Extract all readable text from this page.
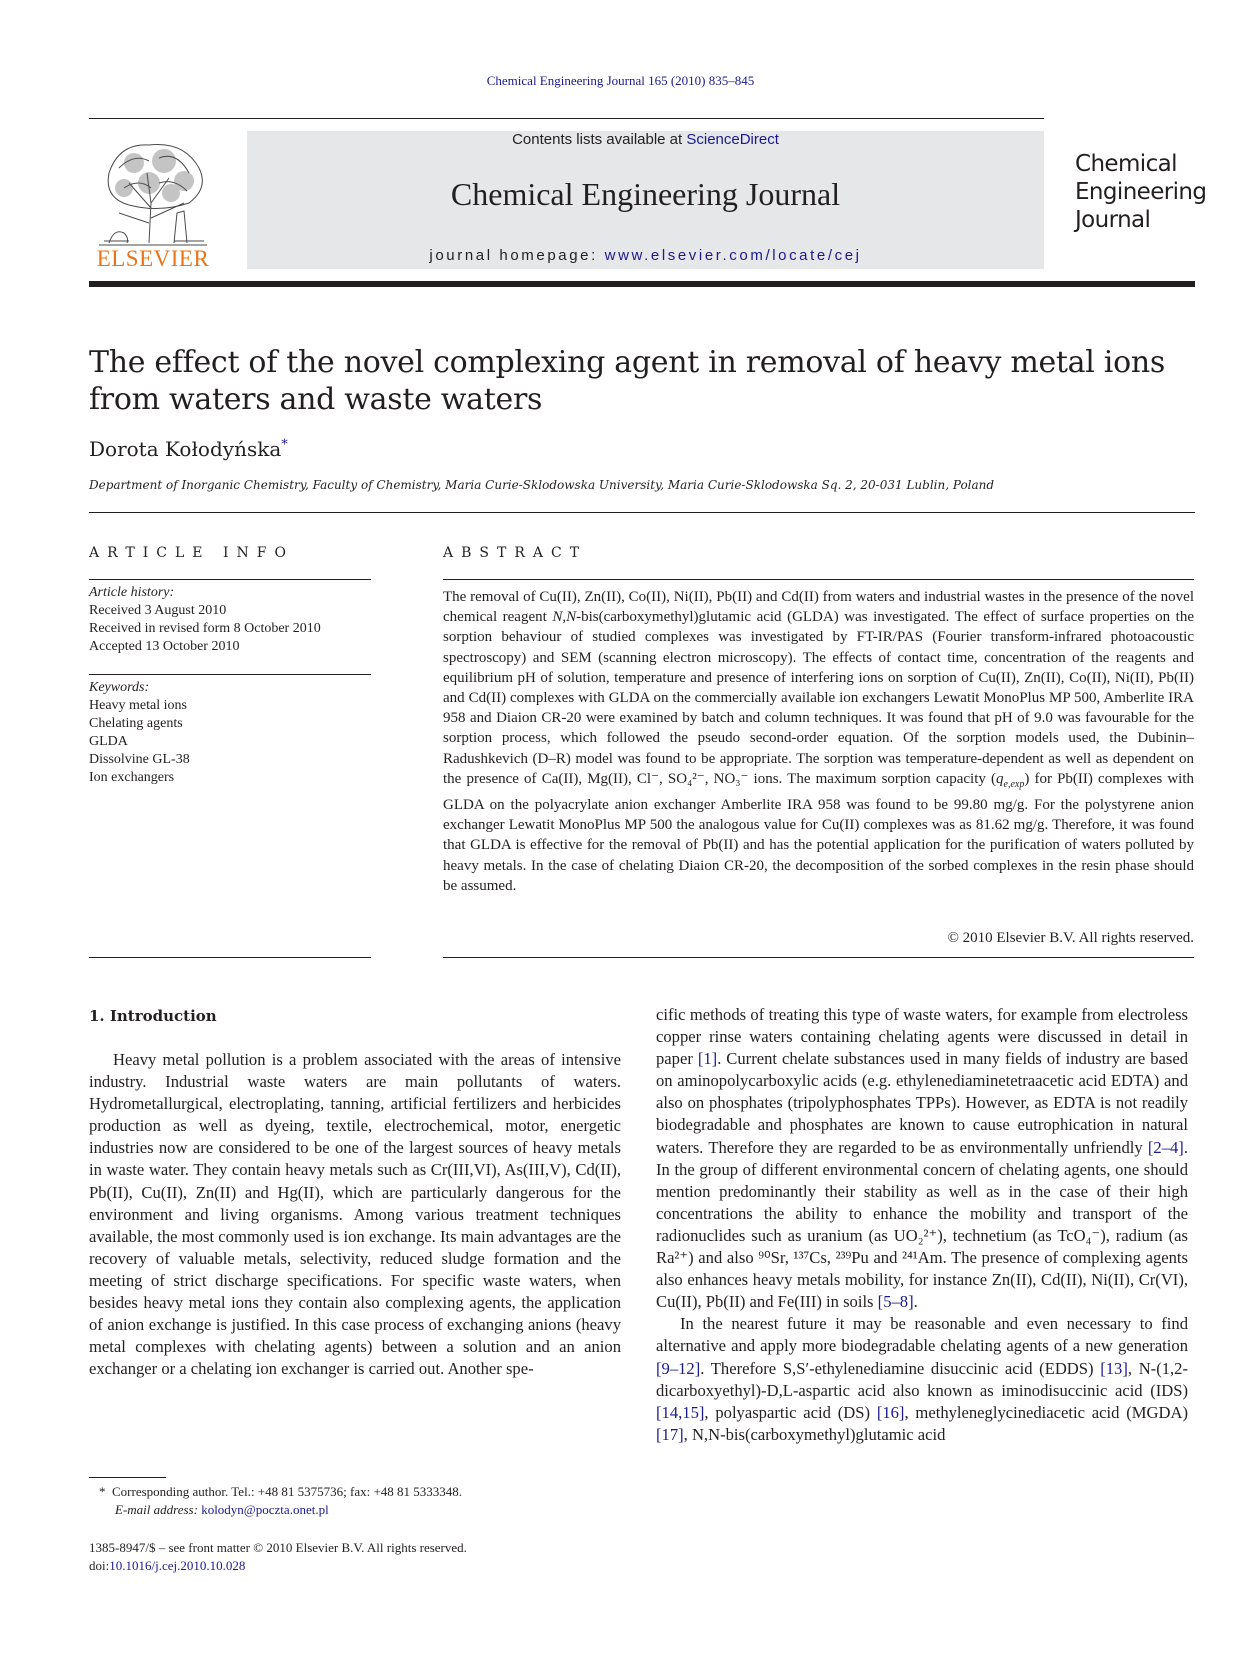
Chemical Engineering Journal 165 (2010) 835–845
ELSEVIER
Contents lists available at ScienceDirect
Chemical Engineering Journal
journal homepage: www.elsevier.com/locate/cej
Chemical
Engineering
Journal
The effect of the novel complexing agent in removal of heavy metal ions from waters and waste waters
Dorota Kołodyńska*
Department of Inorganic Chemistry, Faculty of Chemistry, Maria Curie-Sklodowska University, Maria Curie-Sklodowska Sq. 2, 20-031 Lublin, Poland
ARTICLE INFO
Article history:
Received 3 August 2010
Received in revised form 8 October 2010
Accepted 13 October 2010
Keywords:
Heavy metal ions
Chelating agents
GLDA
Dissolvine GL-38
Ion exchangers
ABSTRACT
The removal of Cu(II), Zn(II), Co(II), Ni(II), Pb(II) and Cd(II) from waters and industrial wastes in the presence of the novel chemical reagent N,N-bis(carboxymethyl)glutamic acid (GLDA) was investigated. The effect of surface properties on the sorption behaviour of studied complexes was investigated by FT-IR/PAS (Fourier transform-infrared photoacoustic spectroscopy) and SEM (scanning electron microscopy). The effects of contact time, concentration of the reagents and equilibrium pH of solution, temperature and presence of interfering ions on sorption of Cu(II), Zn(II), Co(II), Ni(II), Pb(II) and Cd(II) complexes with GLDA on the commercially available ion exchangers Lewatit MonoPlus MP 500, Amberlite IRA 958 and Diaion CR-20 were examined by batch and column techniques. It was found that pH of 9.0 was favourable for the sorption process, which followed the pseudo second-order equation. Of the sorption models used, the Dubinin–Radushkevich (D–R) model was found to be appropriate. The sorption was temperature-dependent as well as dependent on the presence of Ca(II), Mg(II), Cl⁻, SO₄²⁻, NO₃⁻ ions. The maximum sorption capacity $(q_{e,exp})$ for Pb(II) complexes with GLDA on the polyacrylate anion exchanger Amberlite IRA 958 was found to be 99.80 mg/g. For the polystyrene anion exchanger Lewatit MonoPlus MP 500 the analogous value for Cu(II) complexes was as 81.62 mg/g. Therefore, it was found that GLDA is effective for the removal of Pb(II) and has the potential application for the purification of waters polluted by heavy metals. In the case of chelating Diaion CR-20, the decomposition of the sorbed complexes in the resin phase should be assumed.
© 2010 Elsevier B.V. All rights reserved.
1. Introduction

Heavy metal pollution is a problem associated with the areas of intensive industry. Industrial waste waters are main pollutants of waters. Hydrometallurgical, electroplating, tanning, artificial fertilizers and herbicides production as well as dyeing, textile, electrochemical, motor, energetic industries now are considered to be one of the largest sources of heavy metals in waste water. They contain heavy metals such as Cr(III,VI), As(III,V), Cd(II), Pb(II), Cu(II), Zn(II) and Hg(II), which are particularly dangerous for the environment and living organisms. Among various treatment techniques available, the most commonly used is ion exchange. Its main advantages are the recovery of valuable metals, selectivity, reduced sludge formation and the meeting of strict discharge specifications. For specific waste waters, when besides heavy metal ions they contain also complexing agents, the application of anion exchange is justified. In this case process of exchanging anions (heavy metal complexes with chelating agents) between a solution and an anion exchanger or a chelating ion exchanger is carried out. Another spe-

cific methods of treating this type of waste waters, for example from electroless copper rinse waters containing chelating agents were discussed in detail in paper [1]. Current chelate substances used in many fields of industry are based on aminopolycarboxylic acids (e.g. ethylenediaminetetraacetic acid EDTA) and also on phosphates (tripolyphosphates TPPs). However, as EDTA is not readily biodegradable and phosphates are known to cause eutrophication in natural waters. Therefore they are regarded to be as environmentally unfriendly [2–4]. In the group of different environmental concern of chelating agents, one should mention predominantly their stability as well as in the case of their high concentrations the ability to enhance the mobility and transport of the radionuclides such as uranium (as UO₂²⁺), technetium (as TcO₄⁻), radium (as Ra²⁺) and also ⁹⁰Sr, ¹³⁷Cs, ²³⁹Pu and ²⁴¹Am. The presence of complexing agents also enhances heavy metals mobility, for instance Zn(II), Cd(II), Ni(II), Cr(VI), Cu(II), Pb(II) and Fe(III) in soils [5–8].

In the nearest future it may be reasonable and even necessary to find alternative and apply more biodegradable chelating agents of a new generation [9–12]. Therefore S,S′-ethylenediamine disuccinic acid (EDDS) [13], N-(1,2-dicarboxyethyl)-D,L-aspartic acid also known as iminodisuccinic acid (IDS) [14,15], polyaspartic acid (DS) [16], methyleneglycinediacetic acid (MGDA) [17], N,N-bis(carboxymethyl)glutamic acid

* Corresponding author. Tel.: +48 81 5375736; fax: +48 81 5333348.
E-mail address: kolodyn@poczta.onet.pl
1385-8947/$ – see front matter © 2010 Elsevier B.V. All rights reserved.
doi:10.1016/j.cej.2010.10.028
